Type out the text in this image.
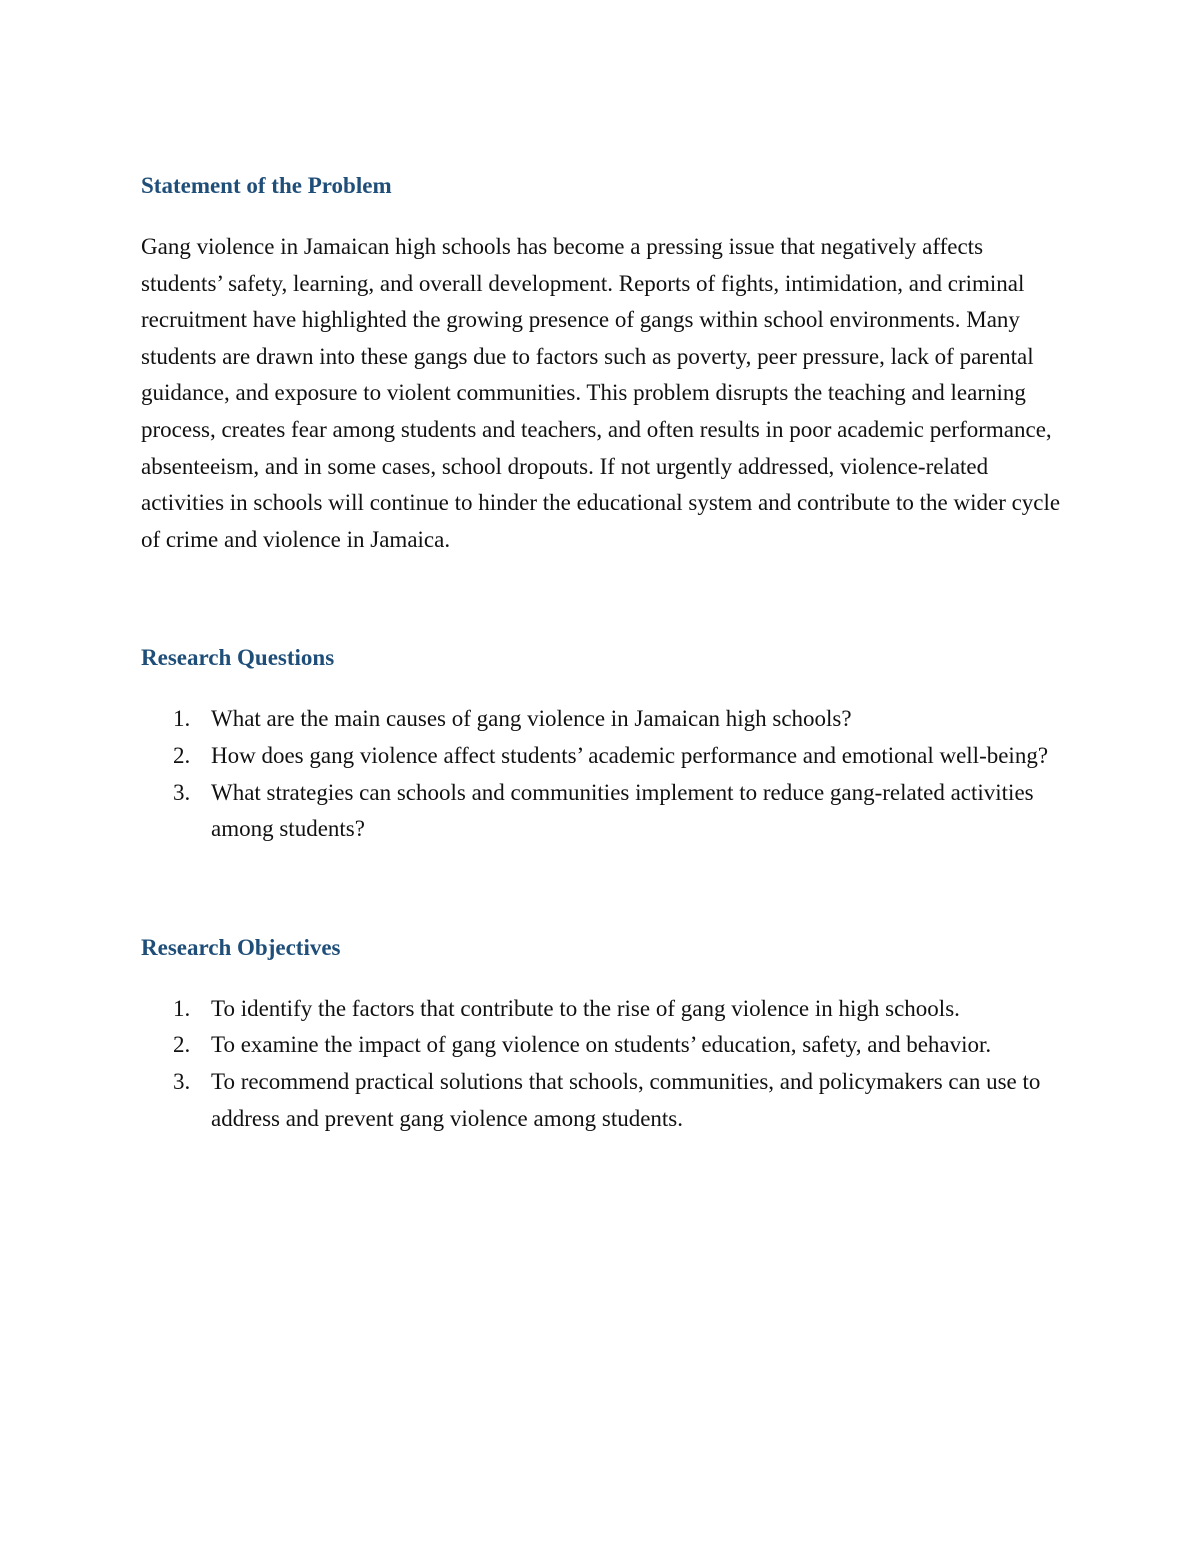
Statement of the Problem

Gang violence in Jamaican high schools has become a pressing issue that negatively affects students’ safety, learning, and overall development. Reports of fights, intimidation, and criminal recruitment have highlighted the growing presence of gangs within school environments. Many students are drawn into these gangs due to factors such as poverty, peer pressure, lack of parental guidance, and exposure to violent communities. This problem disrupts the teaching and learning process, creates fear among students and teachers, and often results in poor academic performance, absenteeism, and in some cases, school dropouts. If not urgently addressed, violence-related activities in schools will continue to hinder the educational system and contribute to the wider cycle of crime and violence in Jamaica.

Research Questions
1. What are the main causes of gang violence in Jamaican high schools?
2. How does gang violence affect students’ academic performance and emotional well-being?
3. What strategies can schools and communities implement to reduce gang-related activities among students?
Research Objectives
1. To identify the factors that contribute to the rise of gang violence in high schools.
2. To examine the impact of gang violence on students’ education, safety, and behavior.
3. To recommend practical solutions that schools, communities, and policymakers can use to address and prevent gang violence among students.
